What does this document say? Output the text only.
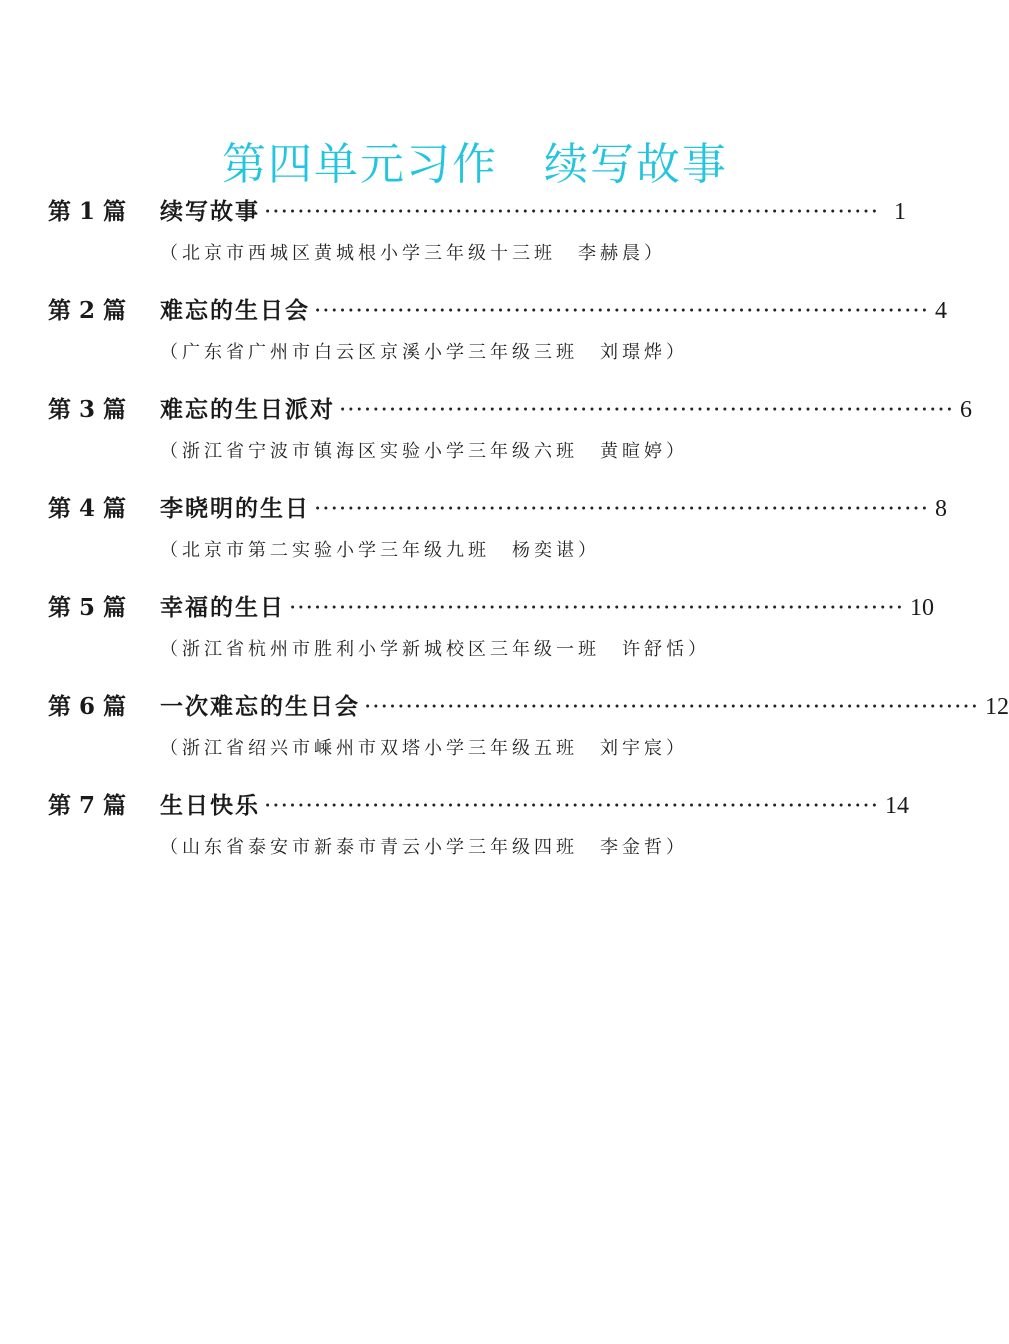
第四单元习作　续写故事
第 1 篇	续写故事 ·········································································· 1
（北京市西城区黄城根小学三年级十三班　李赫晨）
第 2 篇	难忘的生日会 ·········································································· 4
（广东省广州市白云区京溪小学三年级三班　刘璟烨）
第 3 篇	难忘的生日派对 ·········································································· 6
（浙江省宁波市镇海区实验小学三年级六班　黄暄婷）
第 4 篇	李晓明的生日 ·········································································· 8
（北京市第二实验小学三年级九班　杨奕谌）
第 5 篇	幸福的生日 ·········································································· 10
（浙江省杭州市胜利小学新城校区三年级一班　许舒恬）
第 6 篇	一次难忘的生日会 ·········································································· 12
（浙江省绍兴市嵊州市双塔小学三年级五班　刘宇宸）
第 7 篇	生日快乐 ·········································································· 14
（山东省泰安市新泰市青云小学三年级四班　李金哲）
